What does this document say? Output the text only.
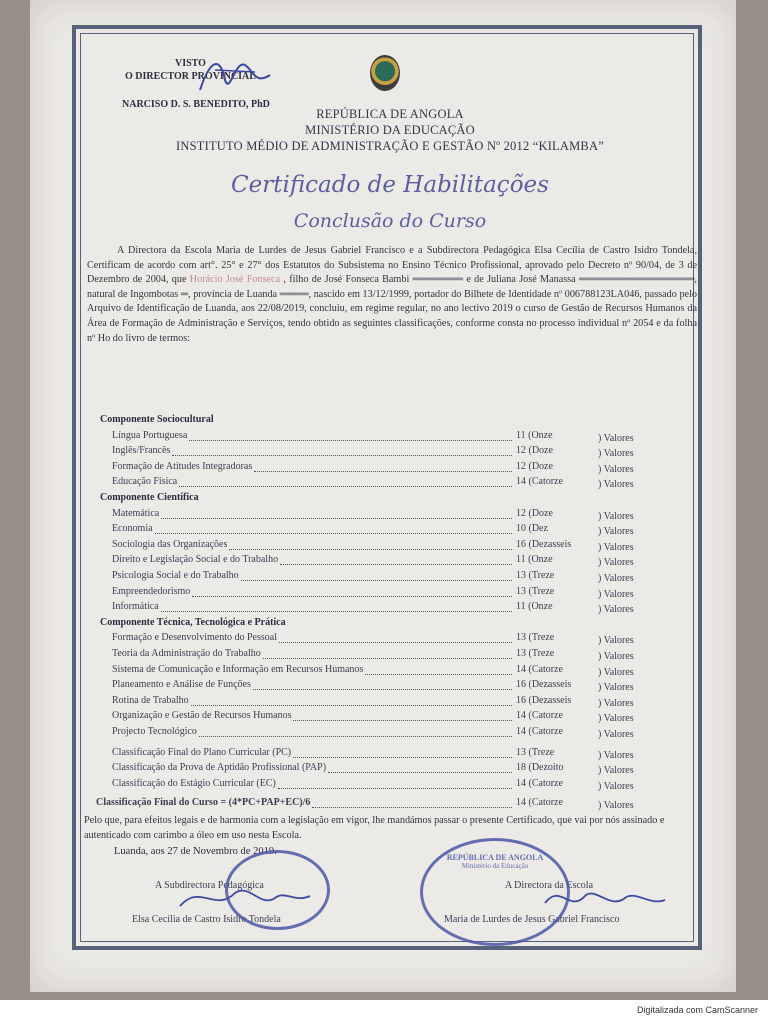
VISTO
O DIRECTOR PROVINCIAL
NARCISO D. S. BENEDITO, PhD
REPÚBLICA DE ANGOLA
MINISTÉRIO DA EDUCAÇÃO
INSTITUTO MÉDIO DE ADMINISTRAÇÃO E GESTÃO Nº 2012 “KILAMBA”
Certificado de Habilitações
Conclusão do Curso
A Directora da Escola Maria de Lurdes de Jesus Gabriel Francisco e a Subdirectora Pedagógica Elsa Cecília de Castro Isidro Tondela, Certificam de acordo com art°. 25° e 27° dos Estatutos do Subsistema no Ensino Técnico Profissional, aprovado pelo Decreto nº 90/04, de 3 de Dezembro de 2004, que Horácio José Fonseca , filho de José Fonseca Bambi ═══════ e de Juliana José Manassa ════════════════, natural de Ingombotas ═, província de Luanda ════, nascido em 13/12/1999, portador do Bilhete de Identidade nº 006788123LA046, passado pelo Arquivo de Identificação de Luanda, aos 22/08/2019, concluiu, em regime regular, no ano lectivo 2019 o curso de Gestão de Recursos Humanos da Área de Formação de Administração e Serviços, tendo obtido as seguintes classificações, conforme consta no processo individual nº 2054 e da folha nº Ho do livro de termos:
Componente Sociocultural
Língua Portuguesa	11 (Onze	) Valores
Inglês/Francês	12 (Doze	) Valores
Formação de Atitudes Integradoras	12 (Doze	) Valores
Educação Física	14 (Catorze	) Valores
Componente Científica
Matemática	12 (Doze	) Valores
Economia	10 (Dez	) Valores
Sociologia das Organizações	16 (Dezasseis	) Valores
Direito e Legislação Social e do Trabalho	11 (Onze	) Valores
Psicologia Social e do Trabalho	13 (Treze	) Valores
Empreendedorismo	13 (Treze	) Valores
Informática	11 (Onze	) Valores
Componente Técnica, Tecnológica e Prática
Formação e Desenvolvimento do Pessoal	13 (Treze	) Valores
Teoria da Administração do Trabalho	13 (Treze	) Valores
Sistema de Comunicação e Informação em Recursos Humanos	14 (Catorze	) Valores
Planeamento e Análise de Funções	16 (Dezasseis	) Valores
Rotina de Trabalho	16 (Dezasseis	) Valores
Organização e Gestão de Recursos Humanos	14 (Catorze	) Valores
Projecto Tecnológico	14 (Catorze	) Valores
Classificação Final do Plano Curricular (PC)	13 (Treze	) Valores
Classificação da Prova de Aptidão Profissional (PAP)	18 (Dezoito	) Valores
Classificação do Estágio Curricular (EC)	14 (Catorze	) Valores
Classificação Final do Curso = (4*PC+PAP+EC)/6	14 (Catorze	) Valores
Pelo que, para efeitos legais e de harmonia com a legislação em vigor, lhe mandámos passar o presente Certificado, que vai por nós assinado e autenticado com carimbo a óleo em uso nesta Escola.
Luanda, aos 27 de Novembro de 2019.
A Subdirectora Pedagógica
Elsa Cecília de Castro Isidro Tondela
A Directora da Escola
Maria de Lurdes de Jesus Gabriel Francisco
REPÚBLICA DE ANGOLA
Ministério da Educação
Digitalizada com CamScanner
